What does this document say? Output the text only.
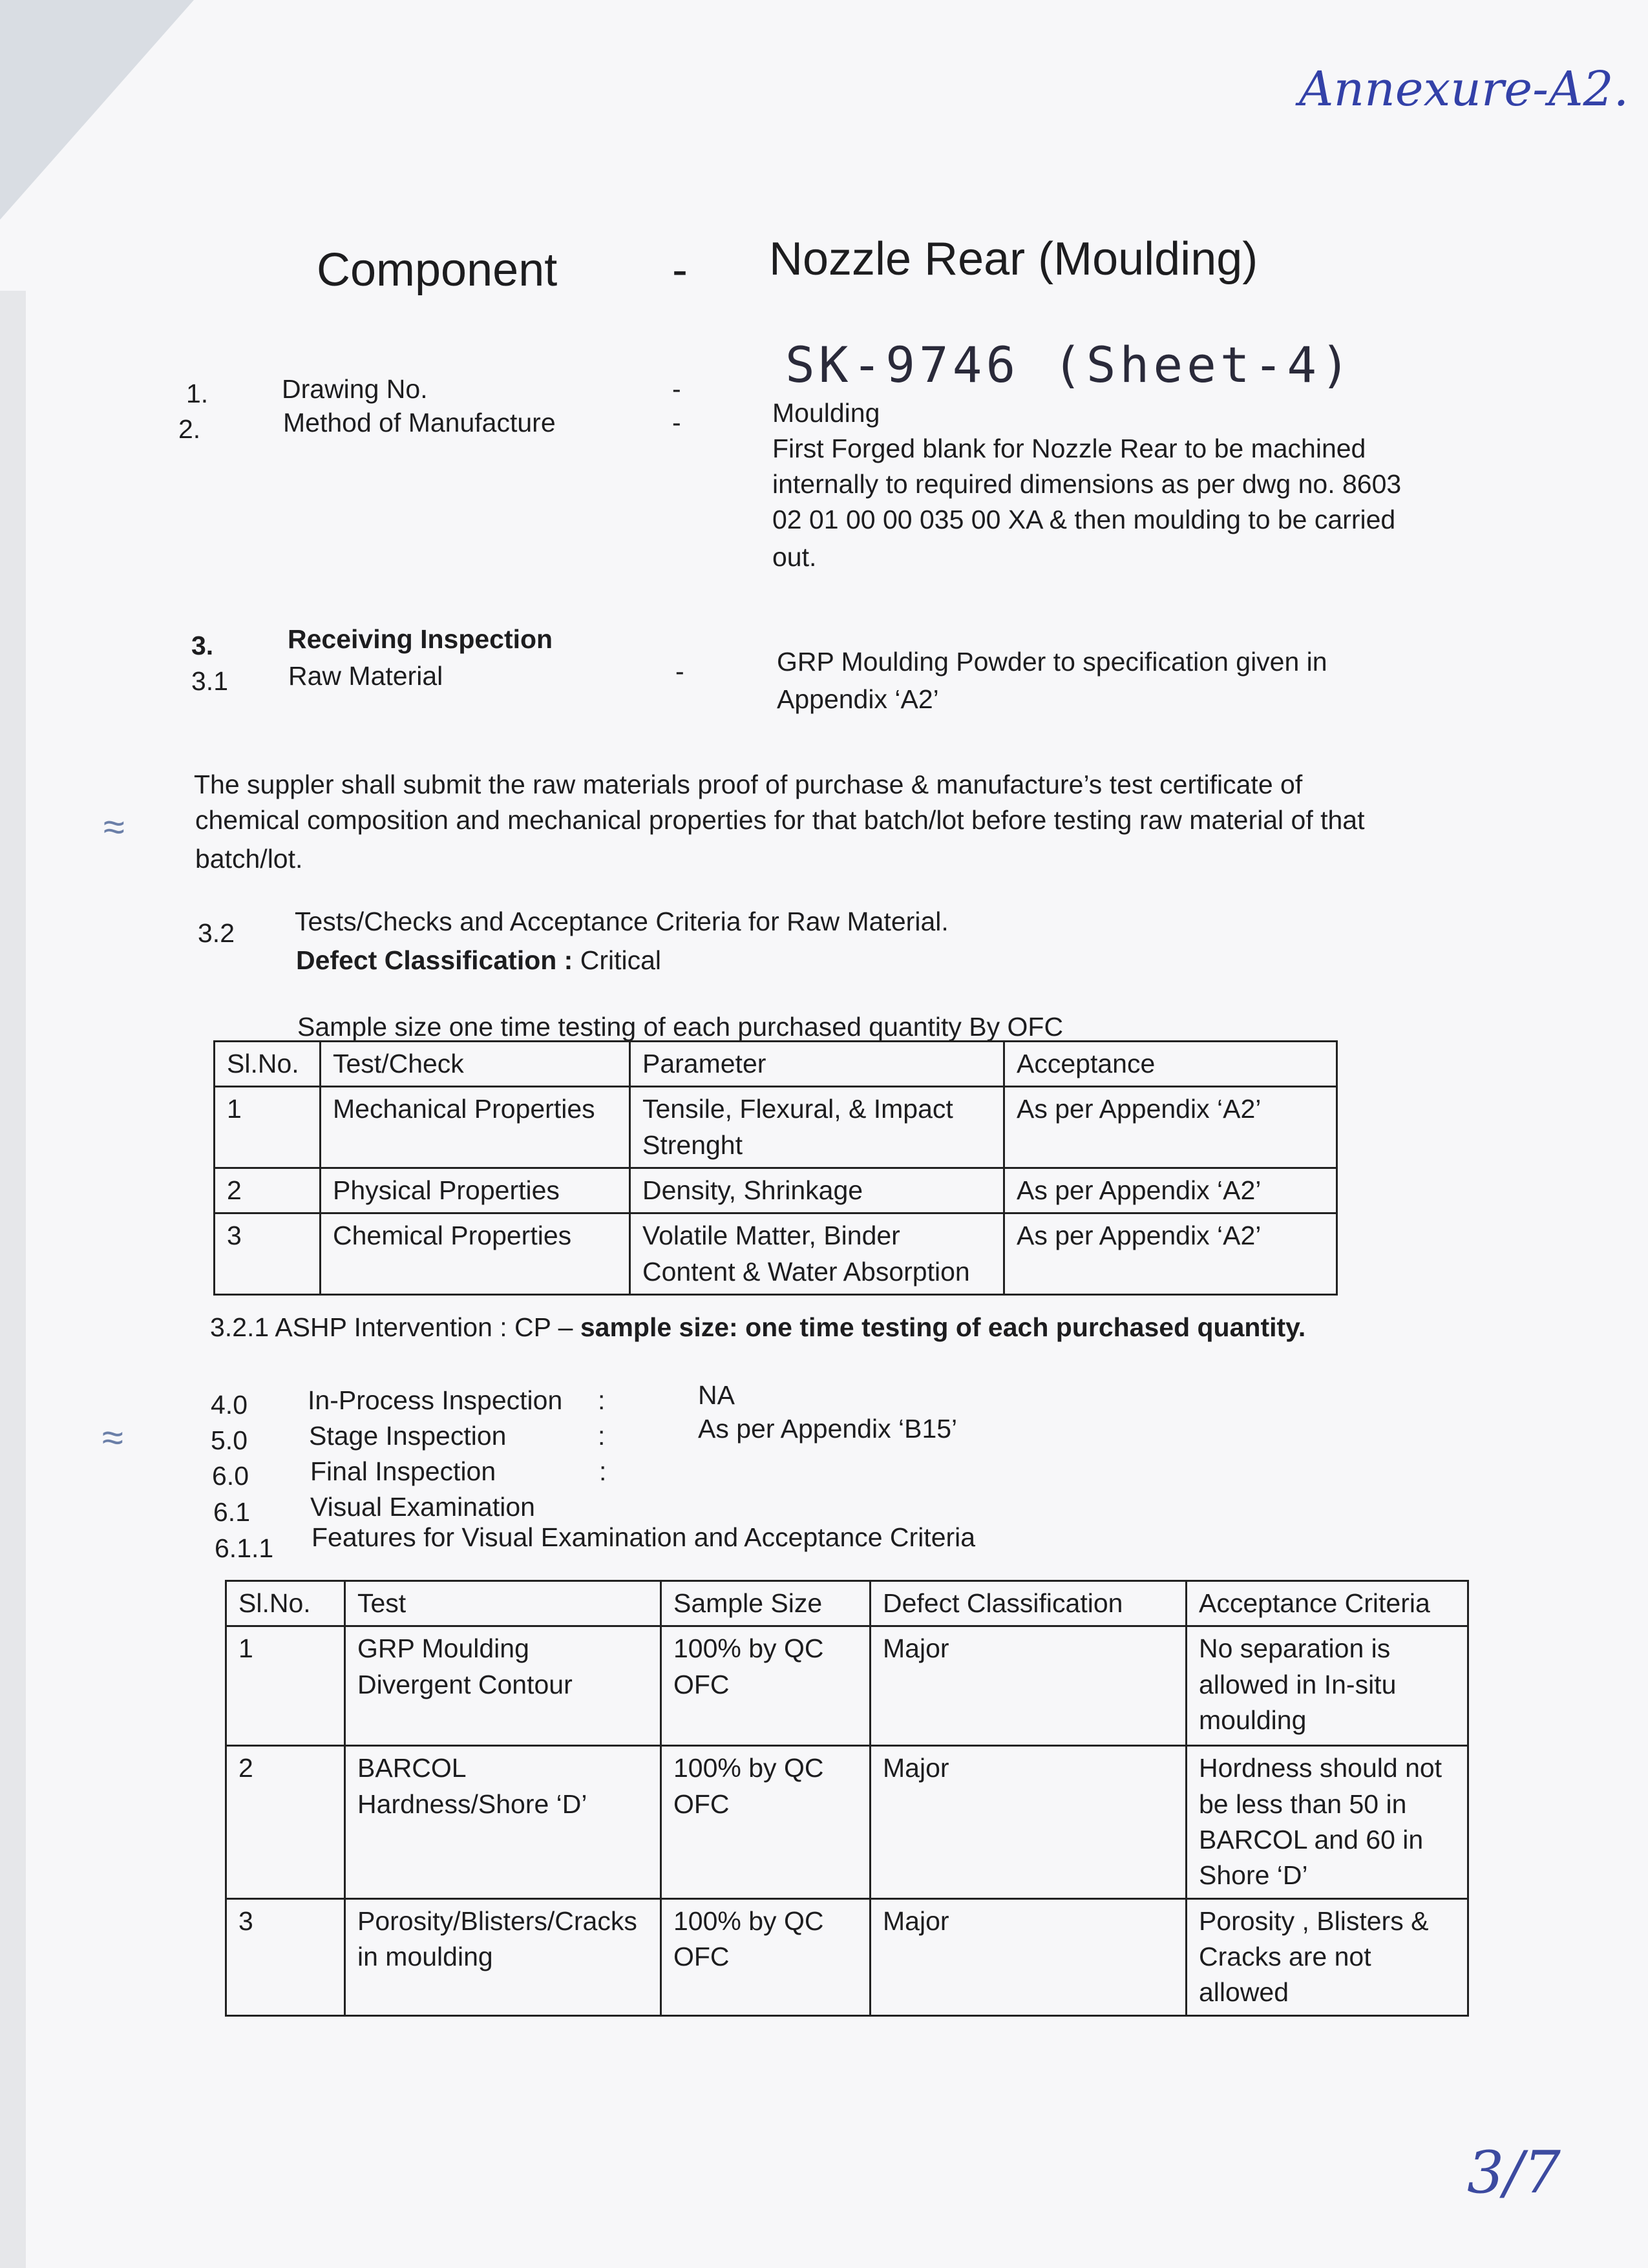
Annexure-A2.
SK-9746 (Sheet-4)
3/7
Component - Nozzle Rear (Moulding)
1.	Drawing No.	-
2.	Method of Manufacture	-	Moulding
First Forged blank for Nozzle Rear to be machined
internally to required dimensions as per dwg no. 8603
02 01 00 00 035 00 XA & then moulding to be carried
out.
3.	Receiving Inspection
3.1 Raw Material	-	GRP Moulding Powder to specification given in
Appendix ‘A2’
The suppler shall submit the raw materials proof of purchase & manufacture’s test certificate of
chemical composition and mechanical properties for that batch/lot before testing raw material of that
batch/lot.
3.2 Tests/Checks and Acceptance Criteria for Raw Material.
Defect Classification : Critical
Sample size one time testing of each purchased quantity By OFC
Sl.No.	Test/Check	Parameter	Acceptance
1	Mechanical Properties	Tensile, Flexural, & Impact Strenght	As per Appendix ‘A2’
2	Physical Properties	Density, Shrinkage	As per Appendix ‘A2’
3	Chemical Properties	Volatile Matter, Binder Content & Water Absorption	As per Appendix ‘A2’
3.2.1 ASHP Intervention : CP – sample size: one time testing of each purchased quantity.
4.0 In-Process Inspection :	NA
5.0 Stage Inspection	:	As per Appendix ‘B15’
6.0 Final Inspection	:
6.1 Visual Examination
6.1.1 Features for Visual Examination and Acceptance Criteria
Sl.No.	Test	Sample Size	Defect Classification	Acceptance Criteria
1	GRP Moulding Divergent Contour	100% by QC OFC	Major	No separation is allowed in In-situ moulding
2	BARCOL Hardness/Shore ‘D’	100% by QC OFC	Major	Hordness should not be less than 50 in BARCOL and 60 in Shore ‘D’
3	Porosity/Blisters/Cracks in moulding	100% by QC OFC	Major	Porosity , Blisters & Cracks are not allowed
≈
≈
